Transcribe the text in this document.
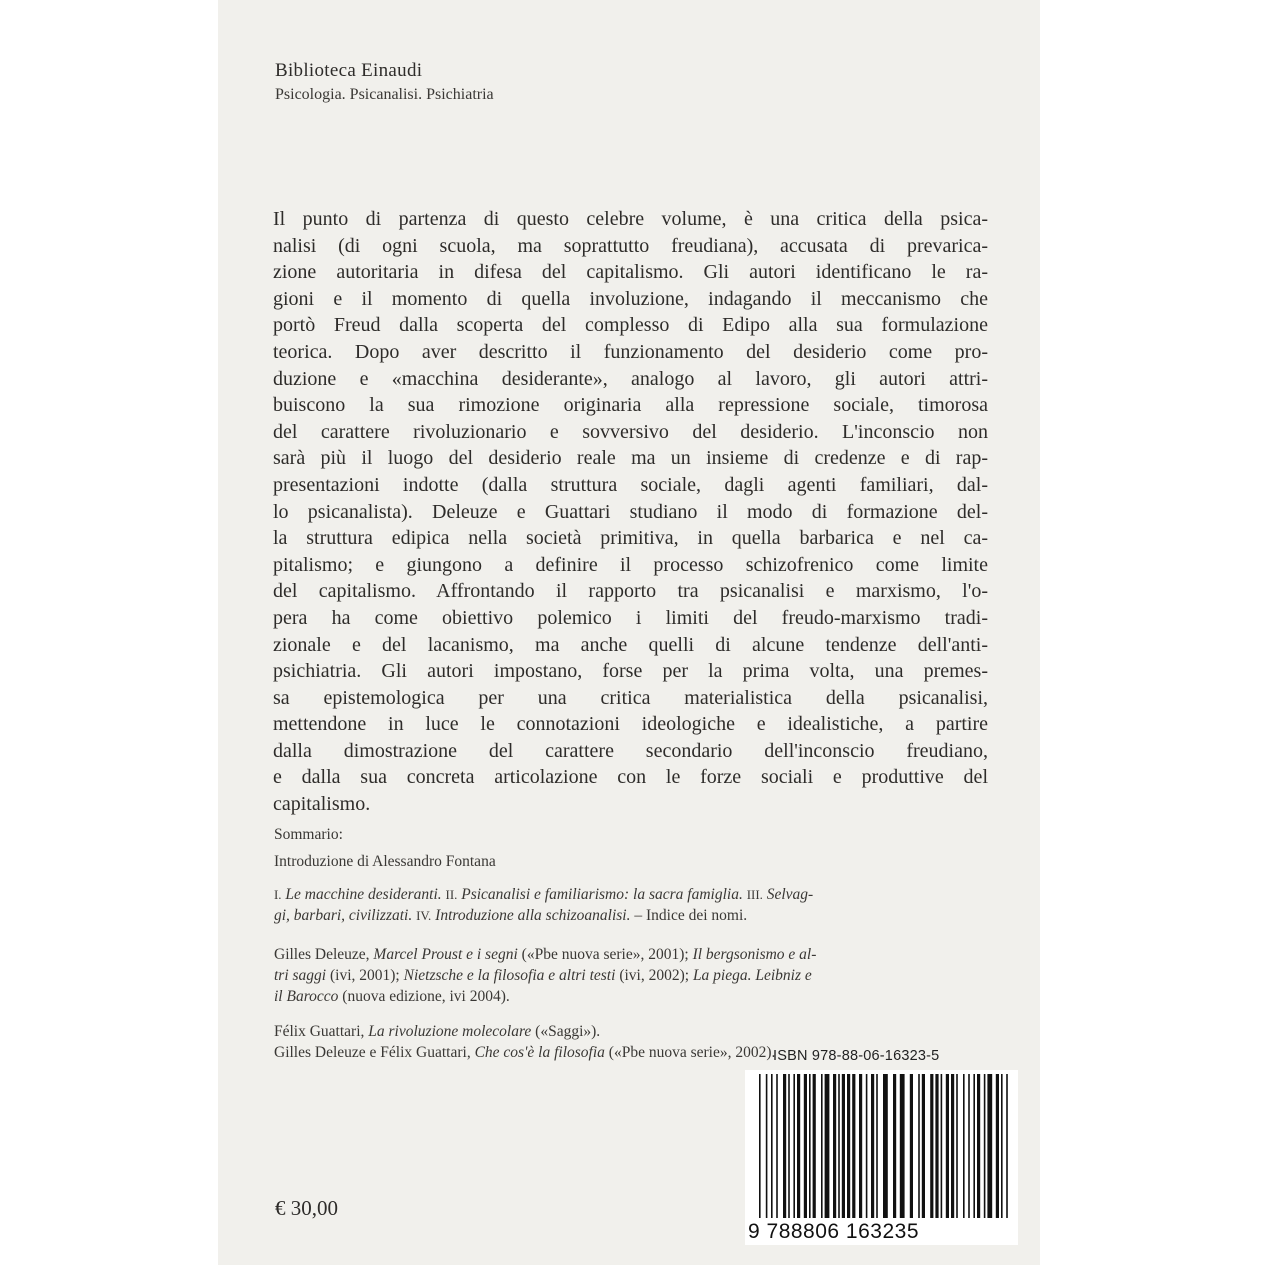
Biblioteca Einaudi
Psicologia. Psicanalisi. Psichiatria
Il punto di partenza di questo celebre volume, è una critica della psica-
nalisi (di ogni scuola, ma soprattutto freudiana), accusata di prevarica-
zione autoritaria in difesa del capitalismo. Gli autori identificano le ra-
gioni e il momento di quella involuzione, indagando il meccanismo che
portò Freud dalla scoperta del complesso di Edipo alla sua formulazione
teorica. Dopo aver descritto il funzionamento del desiderio come pro-
duzione e «macchina desiderante», analogo al lavoro, gli autori attri-
buiscono la sua rimozione originaria alla repressione sociale, timorosa
del carattere rivoluzionario e sovversivo del desiderio. L'inconscio non
sarà più il luogo del desiderio reale ma un insieme di credenze e di rap-
presentazioni indotte (dalla struttura sociale, dagli agenti familiari, dal-
lo psicanalista). Deleuze e Guattari studiano il modo di formazione del-
la struttura edipica nella società primitiva, in quella barbarica e nel ca-
pitalismo; e giungono a definire il processo schizofrenico come limite
del capitalismo. Affrontando il rapporto tra psicanalisi e marxismo, l'o-
pera ha come obiettivo polemico i limiti del freudo-marxismo tradi-
zionale e del lacanismo, ma anche quelli di alcune tendenze dell'anti-
psichiatria. Gli autori impostano, forse per la prima volta, una premes-
sa epistemologica per una critica materialistica della psicanalisi,
mettendone in luce le connotazioni ideologiche e idealistiche, a partire
dalla dimostrazione del carattere secondario dell'inconscio freudiano,
e dalla sua concreta articolazione con le forze sociali e produttive del
capitalismo.

Sommario:

Introduzione di Alessandro Fontana

I. Le macchine desideranti. II. Psicanalisi e familiarismo: la sacra famiglia. III. Selvag-
gi, barbari, civilizzati. IV. Introduzione alla schizoanalisi. – Indice dei nomi.

Gilles Deleuze, Marcel Proust e i segni («Pbe nuova serie», 2001); Il bergsonismo e al-
tri saggi (ivi, 2001); Nietzsche e la filosofia e altri testi (ivi, 2002); La piega. Leibniz e
il Barocco (nuova edizione, ivi 2004).

Félix Guattari, La rivoluzione molecolare («Saggi»).
Gilles Deleuze e Félix Guattari, Che cos'è la filosofia («Pbe nuova serie», 2002).

€ 30,00
ISBN 978-88-06-16323-5
9 788806 163235
